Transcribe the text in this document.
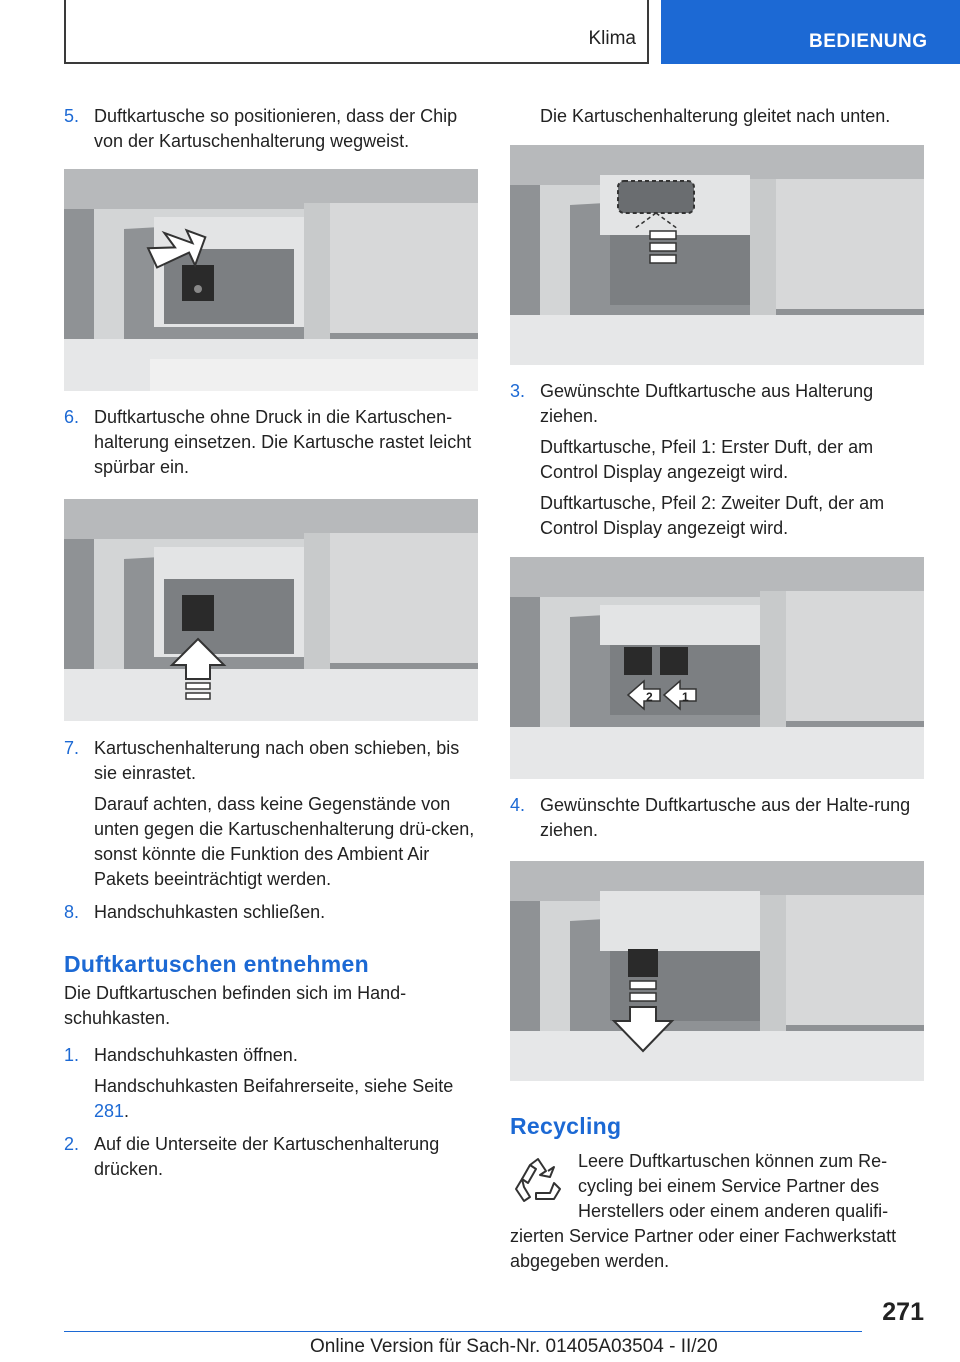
Klima	BEDIENUNG
5. Duftkartusche so positionieren, dass der Chip von der Kartuschenhalterung wegweist.
6. Duftkartusche ohne Druck in die Kartuschen-halterung einsetzen. Die Kartusche rastet leicht spürbar ein.
7. Kartuschenhalterung nach oben schieben, bis sie einrastet.
Darauf achten, dass keine Gegenstände von unten gegen die Kartuschenhalterung drü-cken, sonst könnte die Funktion des Ambient Air Pakets beeinträchtigt werden.
8. Handschuhkasten schließen.
Duftkartuschen entnehmen
Die Duftkartuschen befinden sich im Hand-schuhkasten.
1. Handschuhkasten öffnen.
Handschuhkasten Beifahrerseite, siehe Seite 281.
2. Auf die Unterseite der Kartuschenhalterung drücken.
Die Kartuschenhalterung gleitet nach unten.
3. Gewünschte Duftkartusche aus Halterung ziehen.
Duftkartusche, Pfeil 1: Erster Duft, der am Control Display angezeigt wird.
Duftkartusche, Pfeil 2: Zweiter Duft, der am Control Display angezeigt wird.
2 1
4. Gewünschte Duftkartusche aus der Halte-rung ziehen.
Recycling
Leere Duftkartuschen können zum Re-cycling bei einem Service Partner des Herstellers oder einem anderen qualifi-
zierten Service Partner oder einer Fachwerkstatt abgegeben werden.
271
Online Version für Sach-Nr. 01405A03504 - II/20
